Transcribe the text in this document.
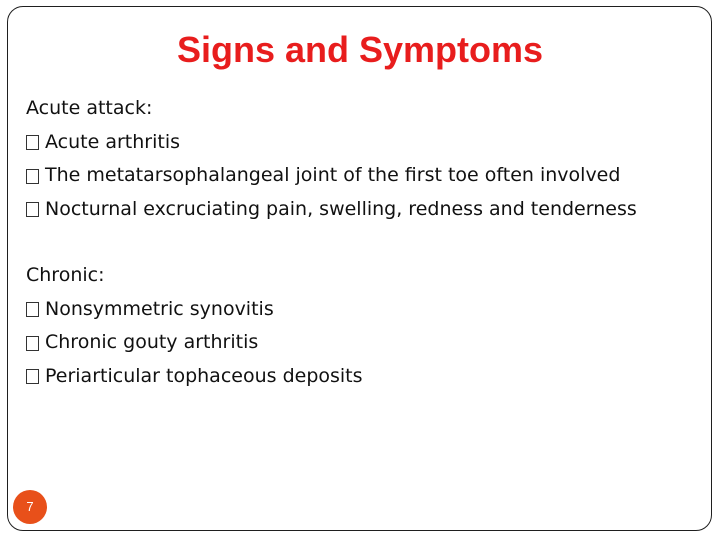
Signs and Symptoms
Acute attack:
Acute arthritis
The metatarsophalangeal joint of the first toe often involved
Nocturnal excruciating pain, swelling, redness and tenderness
Chronic:
Nonsymmetric synovitis
Chronic gouty arthritis
Periarticular tophaceous deposits
7
